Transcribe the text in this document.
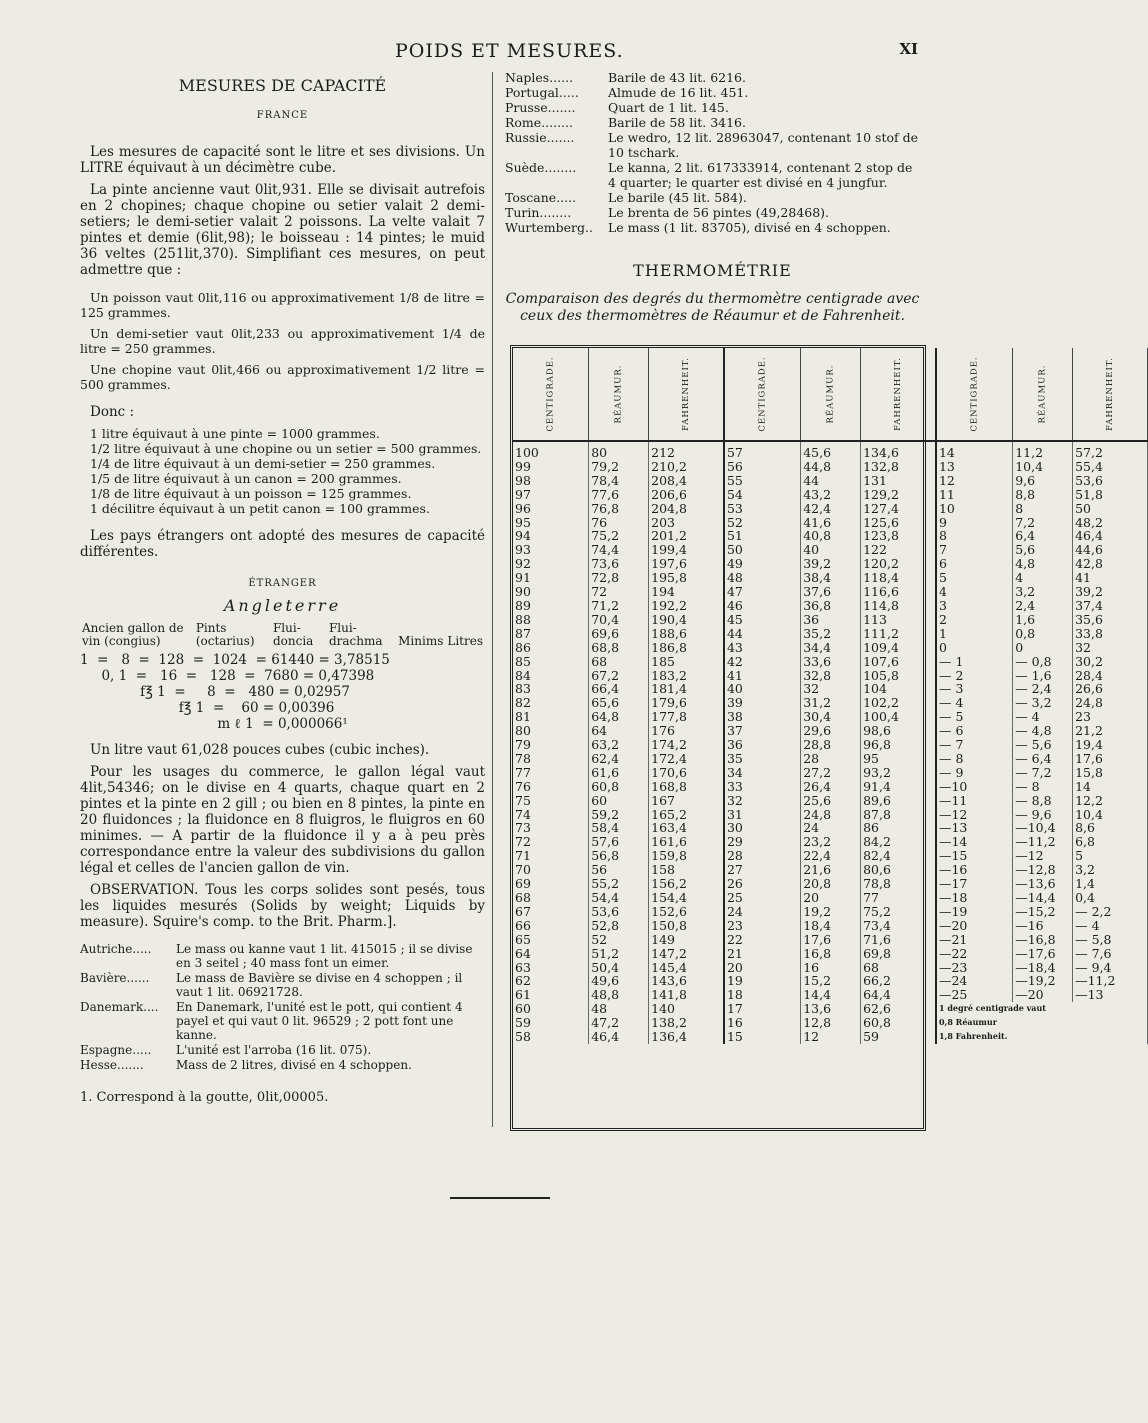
POIDS ET MESURES.	XI
MESURES DE CAPACITÉ
FRANCE

Les mesures de capacité sont le litre et ses divisions. Un LITRE équivaut à un décimètre cube.

La pinte ancienne vaut 0lit,931. Elle se divisait autrefois en 2 chopines; chaque chopine ou setier valait 2 demi-setiers; le demi-setier valait 2 poissons. La velte valait 7 pintes et demie (6lit,98); le boisseau : 14 pintes; le muid 36 veltes (251lit,370). Simplifiant ces mesures, on peut admettre que :

Un poisson vaut 0lit,116 ou approximativement 1/8 de litre = 125 grammes.

Un demi-setier vaut 0lit,233 ou approximativement 1/4 de litre = 250 grammes.

Une chopine vaut 0lit,466 ou approximativement 1/2 litre = 500 grammes.

Donc :

1 litre équivaut à une pinte = 1000 grammes.

1/2 litre équivaut à une chopine ou un setier = 500 grammes.

1/4 de litre équivaut à un demi-setier = 250 grammes.

1/5 de litre équivaut à un canon = 200 grammes.

1/8 de litre équivaut à un poisson = 125 grammes.

1 décilitre équivaut à un petit canon = 100 grammes.

Les pays étrangers ont adopté des mesures de capacité différentes.

ÉTRANGER
Angleterre
Ancien gallon de vin (congius)	Pints (octarius)	Flui-doncia	Flui-drachma	Minims	Litres
1  =   8  =  128  =  1024  = 61440 = 3,78515
0, 1  =   16  =   128  =  7680 = 0,47398
f℥ 1  =     8  =   480 = 0,02957
f℥ 1  =    60 = 0,00396
m ℓ 1  = 0,000066¹

Un litre vaut 61,028 pouces cubes (cubic inches).

Pour les usages du commerce, le gallon légal vaut 4lit,54346; on le divise en 4 quarts, chaque quart en 2 pintes et la pinte en 2 gill ; ou bien en 8 pintes, la pinte en 20 fluidonces ; la fluidonce en 8 fluigros, le fluigros en 60 minimes. — A partir de la fluidonce il y a à peu près correspondance entre la valeur des subdivisions du gallon légal et celles de l'ancien gallon de vin.

OBSERVATION. Tous les corps solides sont pesés, tous les liquides mesurés (Solids by weight; Liquids by measure). Squire's comp. to the Brit. Pharm.].

Autriche.....	Le mass ou kanne vaut 1 lit. 415015 ; il se divise en 3 seitel ; 40 mass font un eimer.
Bavière......	Le mass de Bavière se divise en 4 schoppen ; il vaut 1 lit. 06921728.
Danemark....	En Danemark, l'unité est le pott, qui contient 4 payel et qui vaut 0 lit. 96529 ; 2 pott font une kanne.
Espagne.....	L'unité est l'arroba (16 lit. 075).
Hesse.......	Mass de 2 litres, divisé en 4 schoppen.
1. Correspond à la goutte, 0lit,00005.
Naples......	Barile de 43 lit. 6216.
Portugal.....	Almude de 16 lit. 451.
Prusse.......	Quart de 1 lit. 145.
Rome........	Barile de 58 lit. 3416.
Russie.......	Le wedro, 12 lit. 28963047, contenant 10 stof de 10 tschark.
Suède........	Le kanna, 2 lit. 617333914, contenant 2 stop de 4 quarter; le quarter est divisé en 4 jungfur.
Toscane.....	Le barile (45 lit. 584).
Turin........	Le brenta de 56 pintes (49,28468).
Wurtemberg..	Le mass (1 lit. 83705), divisé en 4 schoppen.
THERMOMÉTRIE
Comparaison des degrés du thermomètre centigrade avec ceux des thermomètres de Réaumur et de Fahrenheit.
CENTIGRADE.	RÉAUMUR.	FAHRENHEIT.	CENTIGRADE.	RÉAUMUR.	FAHRENHEIT.	CENTIGRADE.	RÉAUMUR.	FAHRENHEIT.
100	80	212	57	45,6	134,6	14	11,2	57,2
99	79,2	210,2	56	44,8	132,8	13	10,4	55,4
98	78,4	208,4	55	44	131	12	9,6	53,6
97	77,6	206,6	54	43,2	129,2	11	8,8	51,8
96	76,8	204,8	53	42,4	127,4	10	8	50
95	76	203	52	41,6	125,6	9	7,2	48,2
94	75,2	201,2	51	40,8	123,8	8	6,4	46,4
93	74,4	199,4	50	40	122	7	5,6	44,6
92	73,6	197,6	49	39,2	120,2	6	4,8	42,8
91	72,8	195,8	48	38,4	118,4	5	4	41
90	72	194	47	37,6	116,6	4	3,2	39,2
89	71,2	192,2	46	36,8	114,8	3	2,4	37,4
88	70,4	190,4	45	36	113	2	1,6	35,6
87	69,6	188,6	44	35,2	111,2	1	0,8	33,8
86	68,8	186,8	43	34,4	109,4	0	0	32
85	68	185	42	33,6	107,6	— 1	— 0,8	30,2
84	67,2	183,2	41	32,8	105,8	— 2	— 1,6	28,4
83	66,4	181,4	40	32	104	— 3	— 2,4	26,6
82	65,6	179,6	39	31,2	102,2	— 4	— 3,2	24,8
81	64,8	177,8	38	30,4	100,4	— 5	— 4	23
80	64	176	37	29,6	98,6	— 6	— 4,8	21,2
79	63,2	174,2	36	28,8	96,8	— 7	— 5,6	19,4
78	62,4	172,4	35	28	95	— 8	— 6,4	17,6
77	61,6	170,6	34	27,2	93,2	— 9	— 7,2	15,8
76	60,8	168,8	33	26,4	91,4	—10	— 8	14
75	60	167	32	25,6	89,6	—11	— 8,8	12,2
74	59,2	165,2	31	24,8	87,8	—12	— 9,6	10,4
73	58,4	163,4	30	24	86	—13	—10,4	8,6
72	57,6	161,6	29	23,2	84,2	—14	—11,2	6,8
71	56,8	159,8	28	22,4	82,4	—15	—12	5
70	56	158	27	21,6	80,6	—16	—12,8	3,2
69	55,2	156,2	26	20,8	78,8	—17	—13,6	1,4
68	54,4	154,4	25	20	77	—18	—14,4	0,4
67	53,6	152,6	24	19,2	75,2	—19	—15,2	— 2,2
66	52,8	150,8	23	18,4	73,4	—20	—16	— 4
65	52	149	22	17,6	71,6	—21	—16,8	— 5,8
64	51,2	147,2	21	16,8	69,8	—22	—17,6	— 7,6
63	50,4	145,4	20	16	68	—23	—18,4	— 9,4
62	49,6	143,6	19	15,2	66,2	—24	—19,2	—11,2
61	48,8	141,8	18	14,4	64,4	—25	—20	—13
60	48	140	17	13,6	62,6	1 degré centigrade vaut		
59	47,2	138,2	16	12,8	60,8	0,8 Réaumur		
58	46,4	136,4	15	12	59	1,8 Fahrenheit.		
